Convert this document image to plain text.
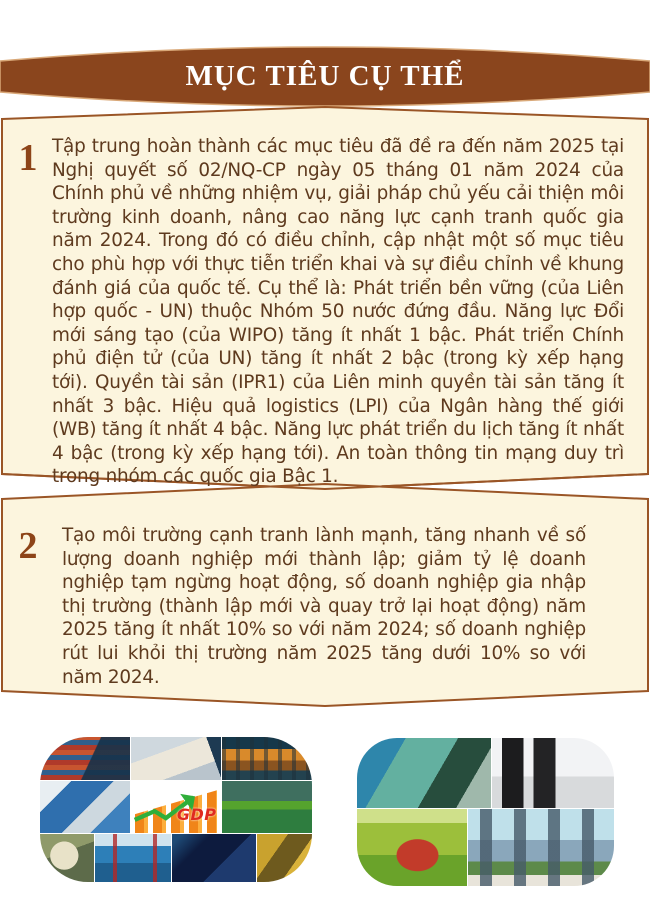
MỤC TIÊU CỤ THỂ
1 Tập trung hoàn thành các mục tiêu đã đề ra đến năm 2025 tại Nghị quyết số 02/NQ-CP ngày 05 tháng 01 năm 2024 của Chính phủ về những nhiệm vụ, giải pháp chủ yếu cải thiện môi trường kinh doanh, nâng cao năng lực cạnh tranh quốc gia năm 2024. Trong đó có điều chỉnh, cập nhật một số mục tiêu cho phù hợp với thực tiễn triển khai và sự điều chỉnh về khung đánh giá của quốc tế. Cụ thể là: Phát triển bền vững (của Liên hợp quốc - UN) thuộc Nhóm 50 nước đứng đầu. Năng lực Đổi mới sáng tạo (của WIPO) tăng ít nhất 1 bậc. Phát triển Chính phủ điện tử (của UN) tăng ít nhất 2 bậc (trong kỳ xếp hạng tới). Quyền tài sản (IPR1) của Liên minh quyền tài sản tăng ít nhất 3 bậc. Hiệu quả logistics (LPI) của Ngân hàng thế giới (WB) tăng ít nhất 4 bậc. Năng lực phát triển du lịch tăng ít nhất 4 bậc (trong kỳ xếp hạng tới). An toàn thông tin mạng duy trì trong nhóm các quốc gia Bậc 1.
2	Tạo môi trường cạnh tranh lành mạnh, tăng nhanh về số lượng doanh nghiệp mới thành lập; giảm tỷ lệ doanh nghiệp tạm ngừng hoạt động, số doanh nghiệp gia nhập thị trường (thành lập mới và quay trở lại hoạt động) năm 2025 tăng ít nhất 10% so với năm 2024; số doanh nghiệp rút lui khỏi thị trường năm 2025 tăng dưới 10% so với năm 2024.
GDP
